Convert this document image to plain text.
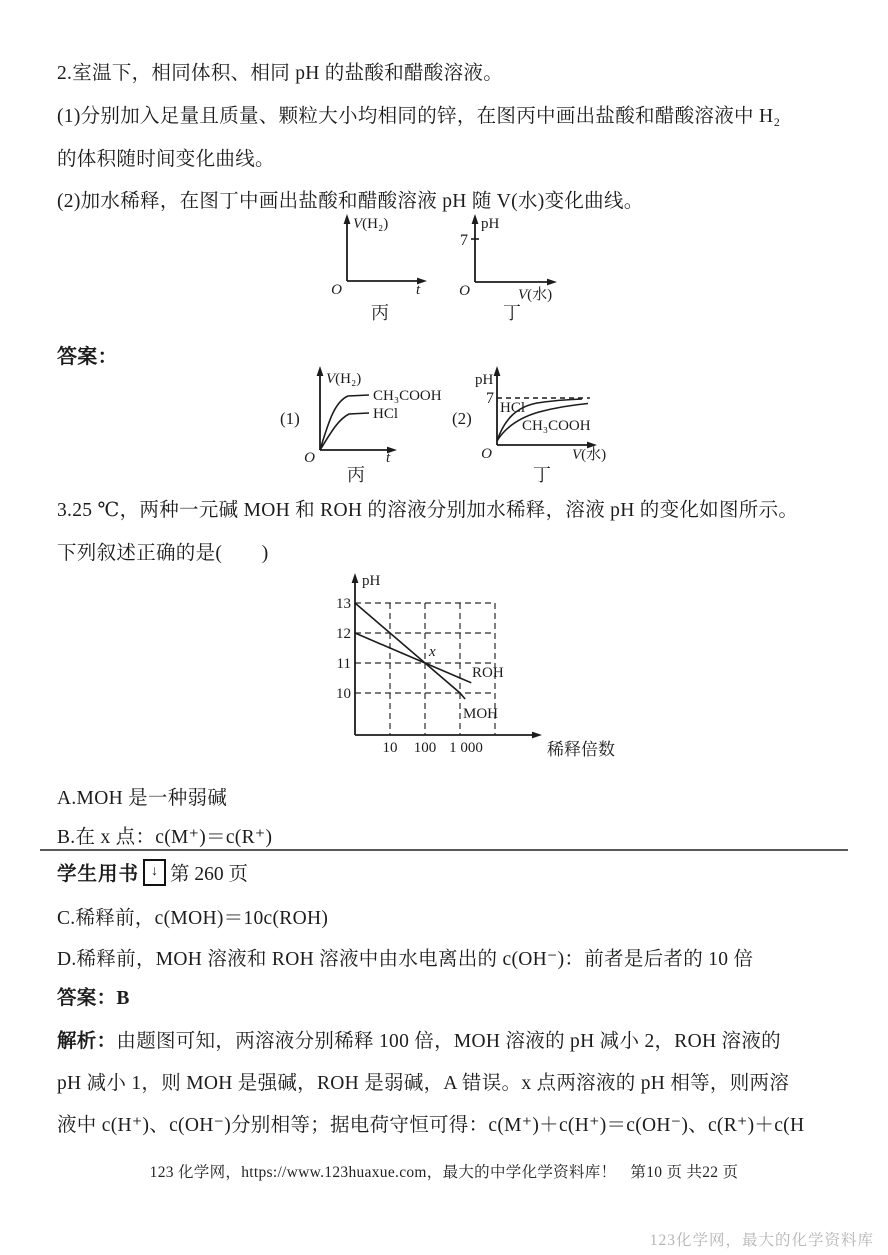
2.室温下，相同体积、相同 pH 的盐酸和醋酸溶液。
(1)分别加入足量且质量、颗粒大小均相同的锌，在图丙中画出盐酸和醋酸溶液中 H₂
的体积随时间变化曲线。
(2)加水稀释，在图丁中画出盐酸和醋酸溶液 pH 随 V(水)变化曲线。
V(H₂)
O	t
丙
pH
7
O	V(水)
丁
答案：
(1)
V(H₂)
CH₃COOH
HCl
O	t
丙
(2)
pH
7
HCl
CH₃COOH
O	V(水)
丁
3.25 ℃，两种一元碱 MOH 和 ROH 的溶液分别加水稀释，溶液 pH 的变化如图所示。
下列叙述正确的是(　　)
pH
13
12
11
10
10 100 1 000	稀释倍数
ROH
MOH
x
A.MOH 是一种弱碱
B.在 x 点：c(M⁺)＝c(R⁺)
学生用书 ↓ 第 260 页
C.稀释前，c(MOH)＝10c(ROH)
D.稀释前，MOH 溶液和 ROH 溶液中由水电离出的 c(OH⁻)：前者是后者的 10 倍
答案：B
解析：由题图可知，两溶液分别稀释 100 倍，MOH 溶液的 pH 减小 2，ROH 溶液的
pH 减小 1，则 MOH 是强碱，ROH 是弱碱，A 错误。x 点两溶液的 pH 相等，则两溶
液中 c(H⁺)、c(OH⁻)分别相等；据电荷守恒可得：c(M⁺)＋c(H⁺)＝c(OH⁻)、c(R⁺)＋c(H
123 化学网，https://www.123huaxue.com，最大的中学化学资料库！ 第10 页 共22 页
123化学网，最大的化学资料库
